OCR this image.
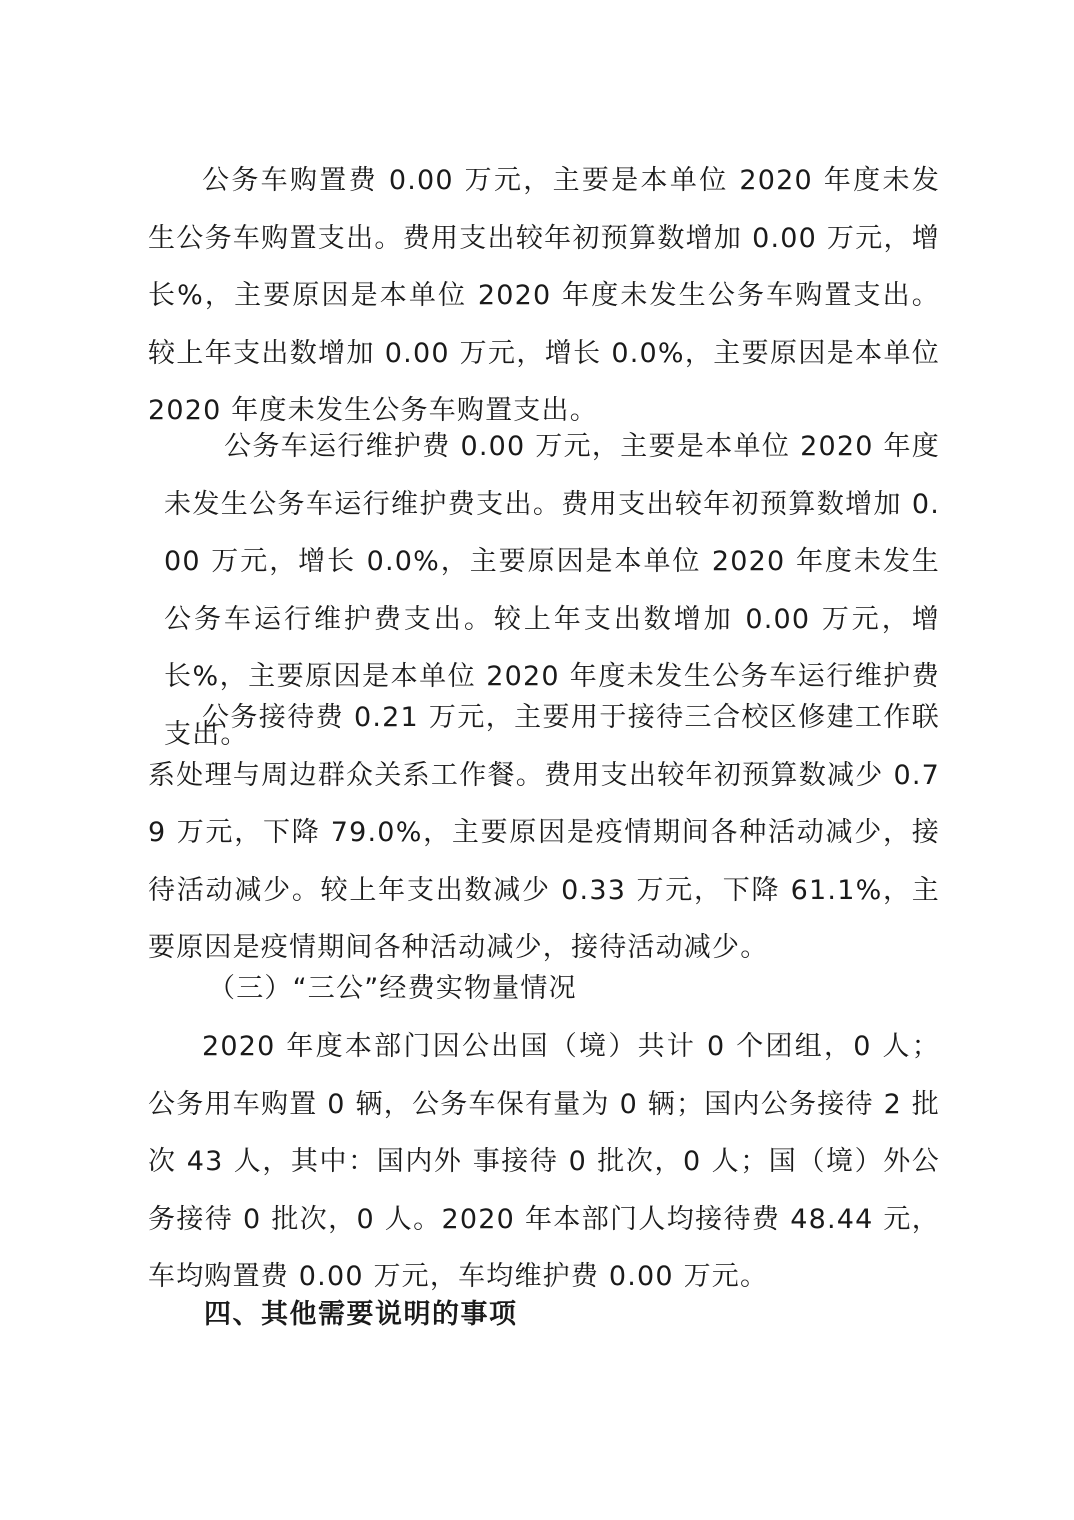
公务车购置费 0.00 万元，主要是本单位 2020 年度未发生公务车购置支出。费用支出较年初预算数增加 0.00 万元，增长%，主要原因是本单位 2020 年度未发生公务车购置支出。较上年支出数增加 0.00 万元，增长 0.0%，主要原因是本单位 2020 年度未发生公务车购置支出。

公务车运行维护费 0.00 万元，主要是本单位 2020 年度未发生公务车运行维护费支出。费用支出较年初预算数增加 0.00 万元，增长 0.0%，主要原因是本单位 2020 年度未发生公务车运行维护费支出。较上年支出数增加 0.00 万元，增长%，主要原因是本单位 2020 年度未发生公务车运行维护费支出。

公务接待费 0.21 万元，主要用于接待三合校区修建工作联系处理与周边群众关系工作餐。费用支出较年初预算数减少 0.79 万元，下降 79.0%，主要原因是疫情期间各种活动减少，接待活动减少。较上年支出数减少 0.33 万元，下降 61.1%，主要原因是疫情期间各种活动减少，接待活动减少。

（三）“三公”经费实物量情况

2020 年度本部门因公出国（境）共计 0 个团组，0 人；公务用车购置 0 辆，公务车保有量为 0 辆；国内公务接待 2 批次 43 人，其中：国内外 事接待 0 批次，0 人；国（境）外公务接待 0 批次，0 人。2020 年本部门人均接待费 48.44 元，车均购置费 0.00 万元，车均维护费 0.00 万元。

四、其他需要说明的事项
